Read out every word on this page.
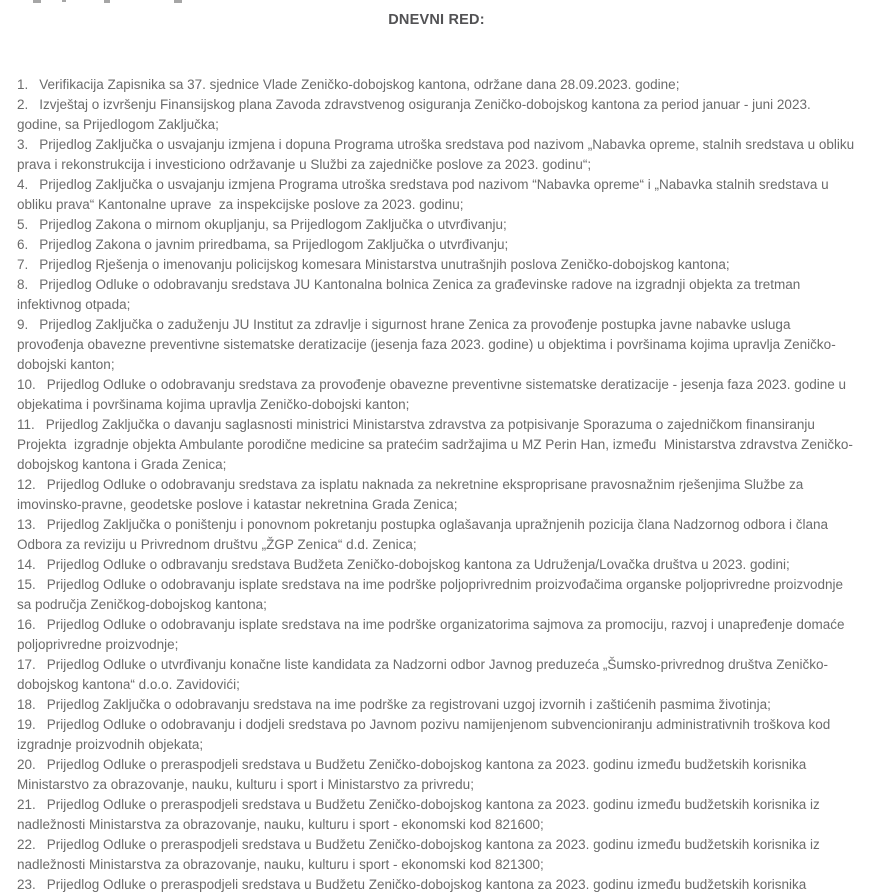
DNEVNI RED:
1. Verifikacija Zapisnika sa 37. sjednice Vlade Zeničko-dobojskog kantona, održane dana 28.09.2023. godine;
2. Izvještaj o izvršenju Finansijskog plana Zavoda zdravstvenog osiguranja Zeničko-dobojskog kantona za period januar - juni 2023. godine, sa Prijedlogom Zaključka;
3. Prijedlog Zaključka o usvajanju izmjena i dopuna Programa utroška sredstava pod nazivom „Nabavka opreme, stalnih sredstava u obliku prava i rekonstrukcija i investiciono održavanje u Službi za zajedničke poslove za 2023. godinu“;
4. Prijedlog Zaključka o usvajanju izmjena Programa utroška sredstava pod nazivom “Nabavka opreme“ i „Nabavka stalnih sredstava u obliku prava“ Kantonalne uprave  za inspekcijske poslove za 2023. godinu;
5. Prijedlog Zakona o mirnom okupljanju, sa Prijedlogom Zaključka o utvrđivanju;
6. Prijedlog Zakona o javnim priredbama, sa Prijedlogom Zaključka o utvrđivanju;
7. Prijedlog Rješenja o imenovanju policijskog komesara Ministarstva unutrašnjih poslova Zeničko-dobojskog kantona;
8. Prijedlog Odluke o odobravanju sredstava JU Kantonalna bolnica Zenica za građevinske radove na izgradnji objekta za tretman infektivnog otpada;
9. Prijedlog Zaključka o zaduženju JU Institut za zdravlje i sigurnost hrane Zenica za provođenje postupka javne nabavke usluga provođenja obavezne preventivne sistematske deratizacije (jesenja faza 2023. godine) u objektima i površinama kojima upravlja Zeničko-dobojski kanton;
10. Prijedlog Odluke o odobravanju sredstava za provođenje obavezne preventivne sistematske deratizacije - jesenja faza 2023. godine u objekatima i površinama kojima upravlja Zeničko-dobojski kanton;
11. Prijedlog Zaključka o davanju saglasnosti ministrici Ministarstva zdravstva za potpisivanje Sporazuma o zajedničkom finansiranju Projekta  izgradnje objekta Ambulante porodične medicine sa pratećim sadržajima u MZ Perin Han, između  Ministarstva zdravstva Zeničko-dobojskog kantona i Grada Zenica;
12. Prijedlog Odluke o odobravanju sredstava za isplatu naknada za nekretnine eksproprisane pravosnažnim rješenjima Službe za imovinsko-pravne, geodetske poslove i katastar nekretnina Grada Zenica;
13. Prijedlog Zaključka o poništenju i ponovnom pokretanju postupka oglašavanja upražnjenih pozicija člana Nadzornog odbora i člana Odbora za reviziju u Privrednom društvu „ŽGP Zenica“ d.d. Zenica;
14. Prijedlog Odluke o odbravanju sredstava Budžeta Zeničko-dobojskog kantona za Udruženja/Lovačka društva u 2023. godini;
15. Prijedlog Odluke o odobravanju isplate sredstava na ime podrške poljoprivrednim proizvođačima organske poljoprivredne proizvodnje sa područja Zeničkog-dobojskog kantona;
16. Prijedlog Odluke o odobravanju isplate sredstava na ime podrške organizatorima sajmova za promociju, razvoj i unapređenje domaće poljoprivredne proizvodnje;
17. Prijedlog Odluke o utvrđivanju konačne liste kandidata za Nadzorni odbor Javnog preduzeća „Šumsko-privrednog društva Zeničko-dobojskog kantona“ d.o.o. Zavidovići;
18. Prijedlog Zaključka o odobravanju sredstava na ime podrške za registrovani uzgoj izvornih i zaštićenih pasmima životinja;
19. Prijedlog Odluke o odobravanju i dodjeli sredstava po Javnom pozivu namijenjenom subvencioniranju administrativnih troškova kod izgradnje proizvodnih objekata;
20. Prijedlog Odluke o preraspodjeli sredstava u Budžetu Zeničko-dobojskog kantona za 2023. godinu između budžetskih korisnika Ministarstvo za obrazovanje, nauku, kulturu i sport i Ministarstvo za privredu;
21. Prijedlog Odluke o preraspodjeli sredstava u Budžetu Zeničko-dobojskog kantona za 2023. godinu između budžetskih korisnika iz nadležnosti Ministarstva za obrazovanje, nauku, kulturu i sport - ekonomski kod 821600;
22. Prijedlog Odluke o preraspodjeli sredstava u Budžetu Zeničko-dobojskog kantona za 2023. godinu između budžetskih korisnika iz nadležnosti Ministarstva za obrazovanje, nauku, kulturu i sport - ekonomski kod 821300;
23. Prijedlog Odluke o preraspodjeli sredstava u Budžetu Zeničko-dobojskog kantona za 2023. godinu između budžetskih korisnika
